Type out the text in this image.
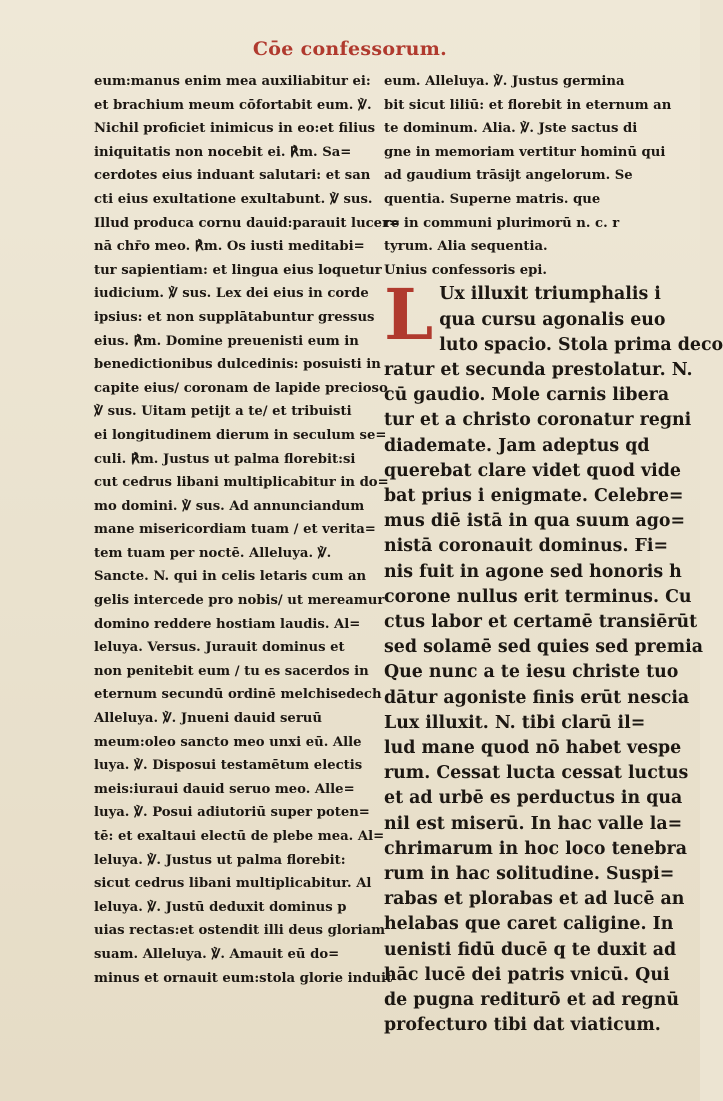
Cōe confessorum.
eum:manus enim mea auxiliabitur ei:
et brachium meum cōfortabit eum. ℣.
Nichil proficiet inimicus in eo:et filius
iniquitatis non nocebit ei. ℟m. Sa=
cerdotes eius induant salutari: et san
cti eius exultatione exultabunt. ℣ sus.
Illud produca cornu dauid:parauit lucer=
nā chr̄o meo. ℟m. Os iusti meditabi=
tur sapientiam: et lingua eius loquetur
iudicium. ℣ sus. Lex dei eius in corde
ipsius: et non supplātabuntur gressus
eius. ℟m. Domine preuenisti eum in
benedictionibus dulcedinis: posuisti in
capite eius/ coronam de lapide precioso
℣ sus. Uitam petijt a te/ et tribuisti
ei longitudinem dierum in seculum se=
culi. ℟m. Justus ut palma florebit:si
cut cedrus libani multiplicabitur in do=
mo domini. ℣ sus. Ad annunciandum
mane misericordiam tuam / et verita=
tem tuam per noctē. Alleluya. ℣.
Sancte. N. qui in celis letaris cum an
gelis intercede pro nobis/ ut mereamur
domino reddere hostiam laudis. Al=
leluya. Versus. Jurauit dominus et
non penitebit eum / tu es sacerdos in
eternum secundū ordinē melchisedech
Alleluya. ℣. Jnueni dauid seruū
meum:oleo sancto meo unxi eū. Alle
luya. ℣. Disposui testamētum electis
meis:iuraui dauid seruo meo. Alle=
luya. ℣. Posui adiutoriū super poten=
tē: et exaltaui electū de plebe mea. Al=
leluya. ℣. Justus ut palma florebit:
sicut cedrus libani multiplicabitur. Al
leluya. ℣. Justū deduxit dominus p
uias rectas:et ostendit illi deus gloriam
suam. Alleluya. ℣. Amauit eū do=
minus et ornauit eum:stola glorie induit
eum. Alleluya. ℣. Justus germina
bit sicut liliū: et florebit in eternum an
te dominum. Alia. ℣. Jste sactus di
gne in memoriam vertitur hominū qui
ad gaudium trāsijt angelorum. Se
quentia. Superne matris. que
re in communi plurimorū n. c. r
tyrum. Alia sequentia.
Unius confessoris epi.
L Ux illuxit triumphalis i
qua cursu agonalis euo
luto spacio. Stola prima deco
ratur et secunda prestolatur. N.
cū gaudio. Mole carnis libera
tur et a christo coronatur regni
diademate. Jam adeptus qd
querebat clare videt quod vide
bat prius i enigmate. Celebre=
mus diē istā in qua suum ago=
nistā coronauit dominus. Fi=
nis fuit in agone sed honoris h
corone nullus erit terminus. Cu
ctus labor et certamē transiērūt
sed solamē sed quies sed premia
Que nunc a te iesu christe tuo
dātur agoniste finis erūt nescia
Lux illuxit. N. tibi clarū il=
lud mane quod nō habet vespe
rum. Cessat lucta cessat luctus
et ad urbē es perductus in qua
nil est miserū. In hac valle la=
chrimarum in hoc loco tenebra
rum in hac solitudine. Suspi=
rabas et plorabas et ad lucē an
helabas que caret caligine. In
uenisti fidū ducē q te duxit ad
hāc lucē dei patris vnicū. Qui
de pugna rediturō et ad regnū
profecturo tibi dat viaticum.
